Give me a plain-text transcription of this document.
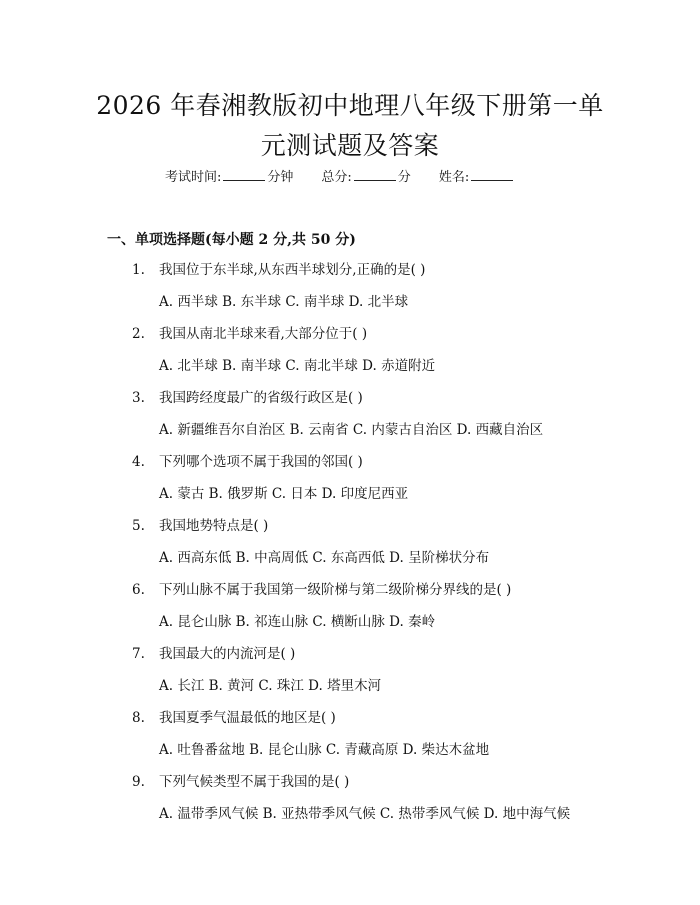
2026 年春湘教版初中地理八年级下册第一单
元测试题及答案
考试时间:	分钟 总分:	分 姓名:
一、单项选择题(每小题 2 分,共 50 分)
1. 我国位于东半球,从东西半球划分,正确的是( )
A. 西半球 B. 东半球 C. 南半球 D. 北半球
2. 我国从南北半球来看,大部分位于( )
A. 北半球 B. 南半球 C. 南北半球 D. 赤道附近
3. 我国跨经度最广的省级行政区是( )
A. 新疆维吾尔自治区 B. 云南省 C. 内蒙古自治区 D. 西藏自治区
4. 下列哪个选项不属于我国的邻国( )
A. 蒙古 B. 俄罗斯 C. 日本 D. 印度尼西亚
5. 我国地势特点是( )
A. 西高东低 B. 中高周低 C. 东高西低 D. 呈阶梯状分布
6. 下列山脉不属于我国第一级阶梯与第二级阶梯分界线的是( )
A. 昆仑山脉 B. 祁连山脉 C. 横断山脉 D. 秦岭
7. 我国最大的内流河是( )
A. 长江 B. 黄河 C. 珠江 D. 塔里木河
8. 我国夏季气温最低的地区是( )
A. 吐鲁番盆地 B. 昆仑山脉 C. 青藏高原 D. 柴达木盆地
9. 下列气候类型不属于我国的是( )
A. 温带季风气候 B. 亚热带季风气候 C. 热带季风气候 D. 地中海气候
